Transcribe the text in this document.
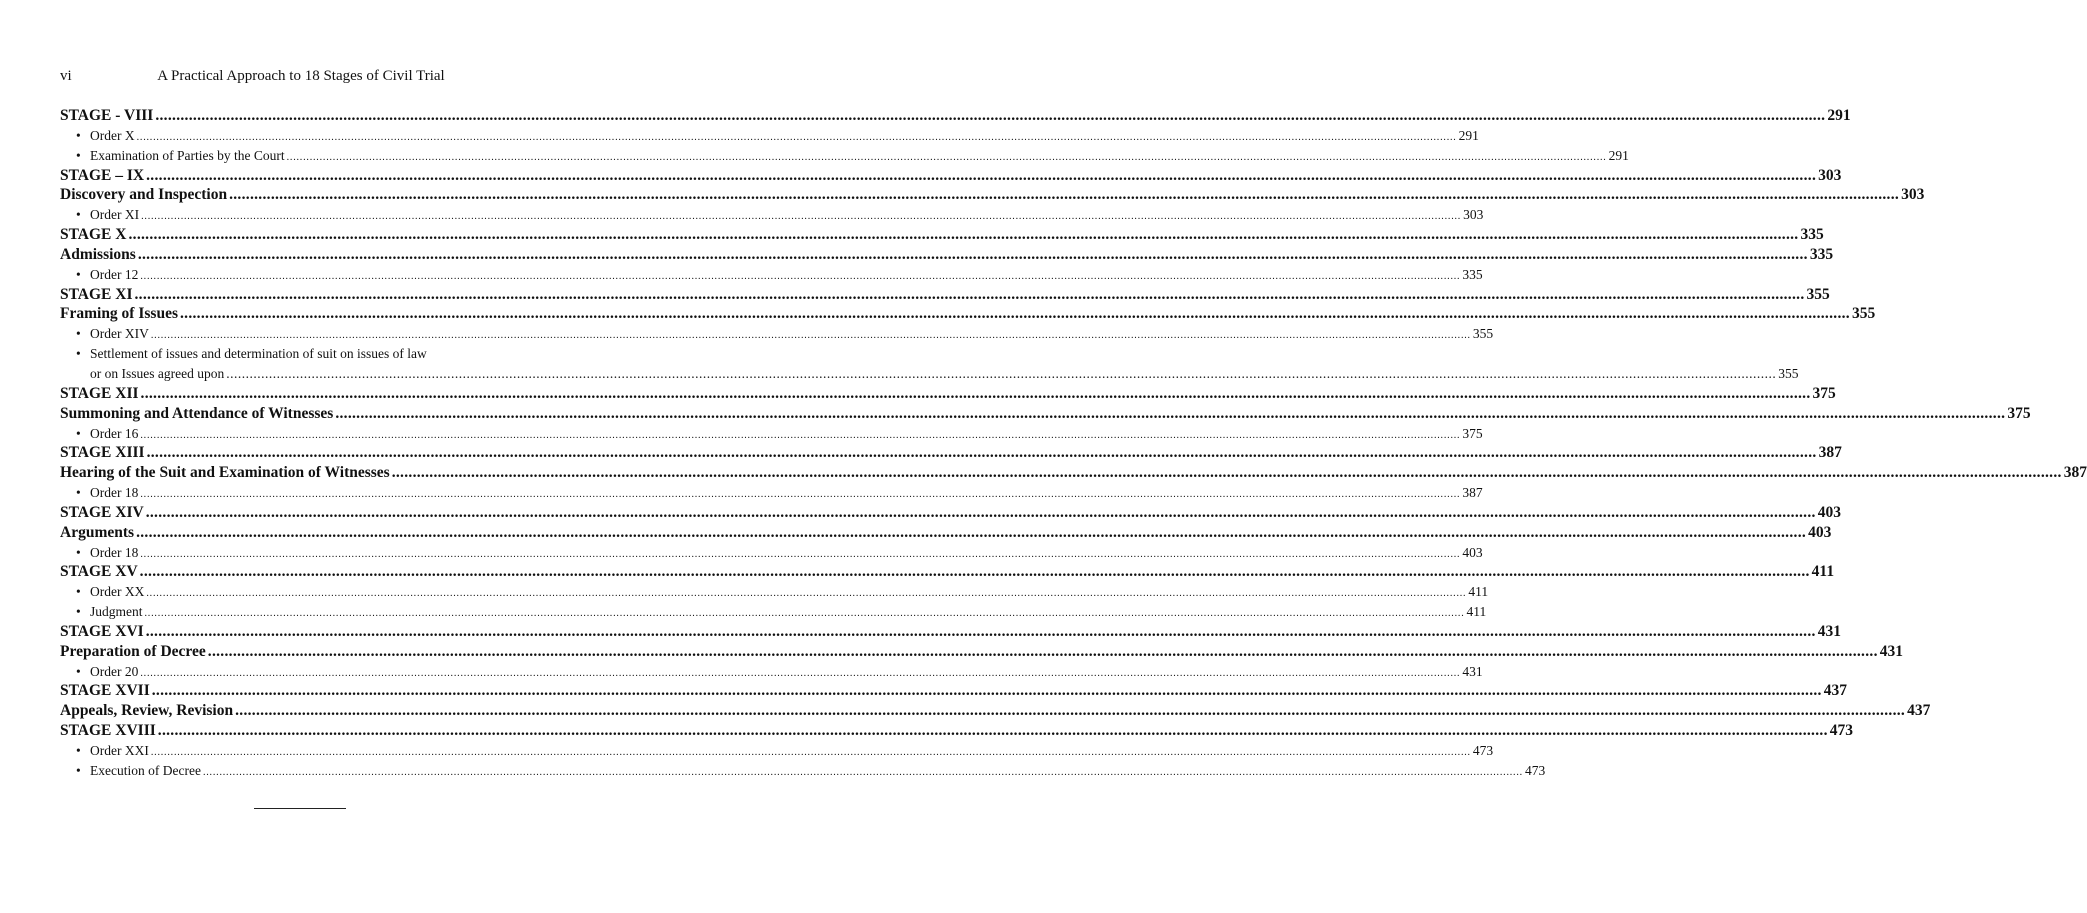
vi	A Practical Approach to 18 Stages of Civil Trial
STAGE - VIII ................................................................................................................................................................................................................................................................................................................................................................................................................ 291
• Order X ................................................................................................................................................................................................................................................................................................................................................................................................................ 291
• Examination of Parties by the Court ................................................................................................................................................................................................................................................................................................................................................................................................................ 291
STAGE – IX ................................................................................................................................................................................................................................................................................................................................................................................................................ 303
Discovery and Inspection ................................................................................................................................................................................................................................................................................................................................................................................................................ 303
• Order XI ................................................................................................................................................................................................................................................................................................................................................................................................................ 303
STAGE X ................................................................................................................................................................................................................................................................................................................................................................................................................ 335
Admissions ................................................................................................................................................................................................................................................................................................................................................................................................................ 335
• Order 12 ................................................................................................................................................................................................................................................................................................................................................................................................................ 335
STAGE XI ................................................................................................................................................................................................................................................................................................................................................................................................................ 355
Framing of Issues ................................................................................................................................................................................................................................................................................................................................................................................................................ 355
• Order XIV ................................................................................................................................................................................................................................................................................................................................................................................................................ 355
• Settlement of issues and determination of suit on issues of law
or on Issues agreed upon ................................................................................................................................................................................................................................................................................................................................................................................................................ 355
STAGE XII ................................................................................................................................................................................................................................................................................................................................................................................................................ 375
Summoning and Attendance of Witnesses ................................................................................................................................................................................................................................................................................................................................................................................................................ 375
• Order 16 ................................................................................................................................................................................................................................................................................................................................................................................................................ 375
STAGE XIII ................................................................................................................................................................................................................................................................................................................................................................................................................ 387
Hearing of the Suit and Examination of Witnesses ................................................................................................................................................................................................................................................................................................................................................................................................................ 387
• Order 18 ................................................................................................................................................................................................................................................................................................................................................................................................................ 387
STAGE XIV ................................................................................................................................................................................................................................................................................................................................................................................................................ 403
Arguments ................................................................................................................................................................................................................................................................................................................................................................................................................ 403
• Order 18 ................................................................................................................................................................................................................................................................................................................................................................................................................ 403
STAGE XV ................................................................................................................................................................................................................................................................................................................................................................................................................ 411
• Order XX ................................................................................................................................................................................................................................................................................................................................................................................................................ 411
• Judgment ................................................................................................................................................................................................................................................................................................................................................................................................................ 411
STAGE XVI ................................................................................................................................................................................................................................................................................................................................................................................................................ 431
Preparation of Decree ................................................................................................................................................................................................................................................................................................................................................................................................................ 431
• Order 20 ................................................................................................................................................................................................................................................................................................................................................................................................................ 431
STAGE XVII ................................................................................................................................................................................................................................................................................................................................................................................................................ 437
Appeals, Review, Revision ................................................................................................................................................................................................................................................................................................................................................................................................................ 437
STAGE XVIII ................................................................................................................................................................................................................................................................................................................................................................................................................ 473
• Order XXI ................................................................................................................................................................................................................................................................................................................................................................................................................ 473
• Execution of Decree ................................................................................................................................................................................................................................................................................................................................................................................................................ 473
